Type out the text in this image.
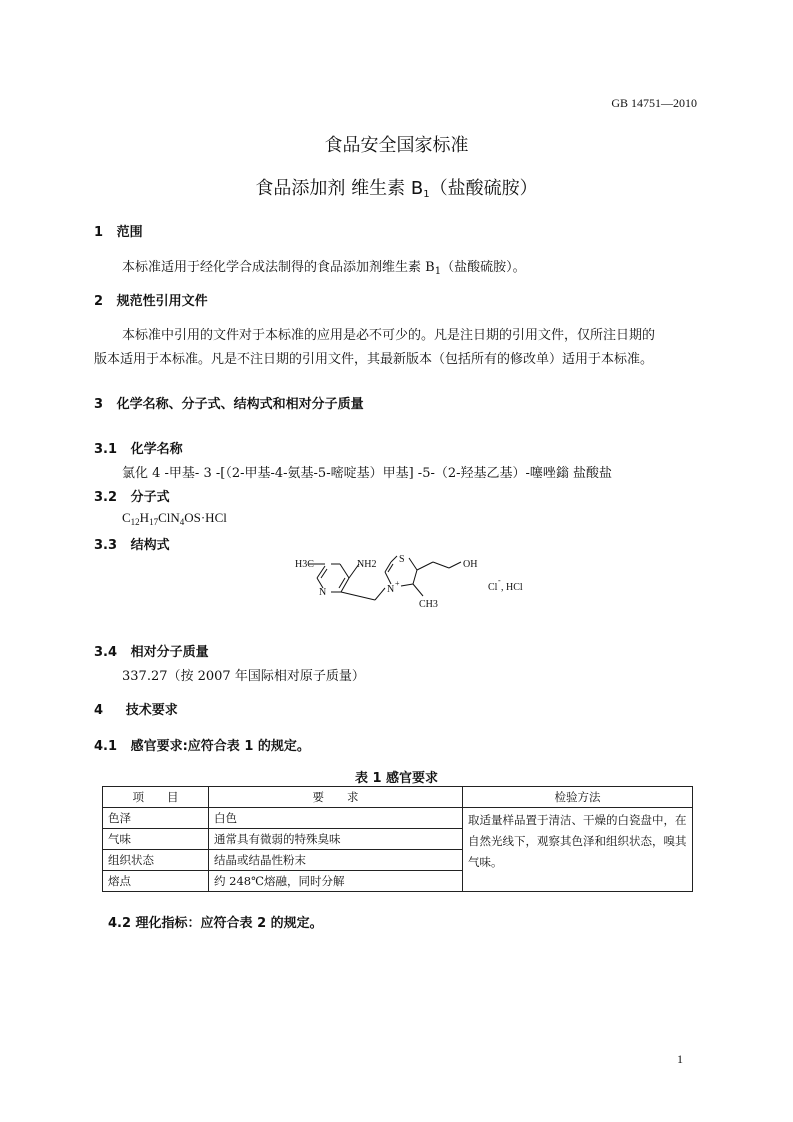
GB 14751—2010
食品安全国家标准
食品添加剂 维生素 B1（盐酸硫胺）
1 范围
本标准适用于经化学合成法制得的食品添加剂维生素 $B_1$（盐酸硫胺）。
2 规范性引用文件
本标准中引用的文件对于本标准的应用是必不可少的。凡是注日期的引用文件，仅所注日期的
版本适用于本标准。凡是不注日期的引用文件，其最新版本（包括所有的修改单）适用于本标准。
3 化学名称、分子式、结构式和相对分子质量
3.1 化学名称
氯化 4 -甲基- 3 -[（2-甲基-4-氨基-5-嘧啶基）甲基] -5-（2-羟基乙基）-噻唑鎓 盐酸盐
3.2 分子式
$C_{12}H_{17}ClN_4OS\cdot HCl$
3.3 结构式
H3C
N
NH2 S	OH
N
+
CH3
Cl
-
, HCl
3.4 相对分子质量
337.27（按 2007 年国际相对原子质量）
4 技术要求
4.1 感官要求:应符合表 1 的规定。
表 1 感官要求
项　　目	要　　求	检验方法
色泽	白色	取适量样品置于清洁、干燥的白瓷盘中，在自然光线下，观察其色泽和组织状态，嗅其气味。
气味	通常具有微弱的特殊臭味	
组织状态	结晶或结晶性粉末	
熔点	约 248℃熔融，同时分解	
4.2 理化指标：应符合表 2 的规定。
1
